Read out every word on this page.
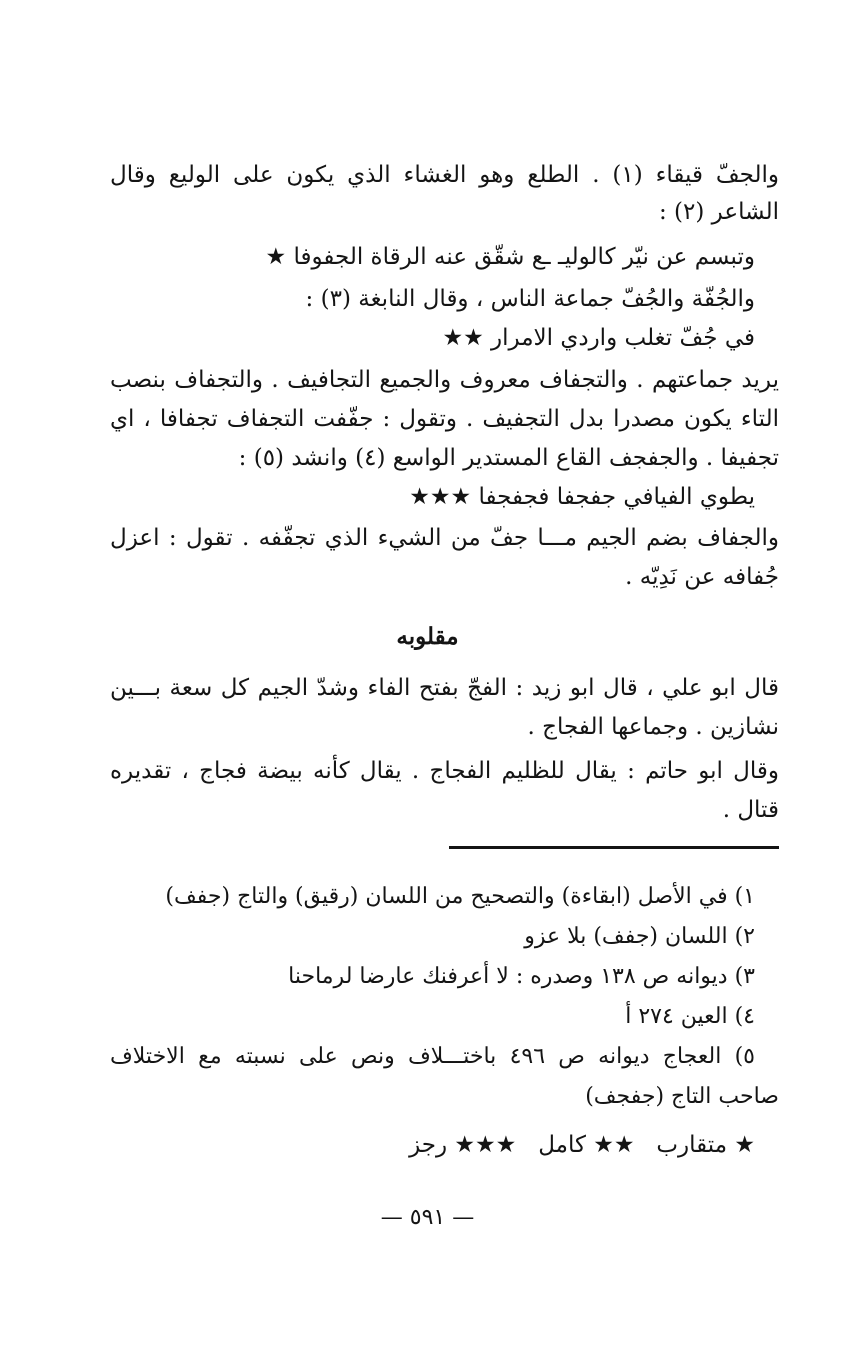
والجفّ قيقاء (١) . الطلع وهو الغشاء الذي يكون على الوليع وقال
الشاعر (٢) :
وتبسم عن نيّر كالوليـ ـع شقّق عنه الرقاة الجفوفا ★
والجُفّة والجُفّ جماعة الناس ، وقال النابغة (٣) :
في جُفّ تغلب واردي الامرار ★★
يريد جماعتهم . والتجفاف معروف والجميع التجافيف . والتجفاف بنصب
التاء يكون مصدرا بدل التجفيف . وتقول : جفّفت التجفاف تجفافا ، اي
تجفيفا . والجفجف القاع المستدير الواسع (٤) وانشد (٥) :
يطوي الفيافي جفجفا فجفجفا ★★★
والجفاف بضم الجيم مـــا جفّ من الشيء الذي تجفّفه . تقول : اعزل
جُفافه عن نَدِيّه .
مقلوبه
قال ابو علي ، قال ابو زيد : الفجّ بفتح الفاء وشدّ الجيم كل سعة بـــين
نشازين . وجماعها الفجاج .
وقال ابو حاتم : يقال للظليم الفجاج . يقال كأنه بيضة فجاج ، تقديره
قتال .
١) في الأصل (ابقاءة) والتصحيح من اللسان (رقيق) والتاج (جفف)
٢) اللسان (جفف) بلا عزو
٣) ديوانه ص ١٣٨ وصدره : لا أعرفنك عارضا لرماحنا
٤) العين ٢٧٤ أ
٥) العجاج ديوانه ص ٤٩٦ باختـــلاف ونص على نسبته مع الاختلاف
صاحب التاج (جفجف)
★ متقارب   ★★ كامل   ★★★ رجز
— ٥٩١ —
